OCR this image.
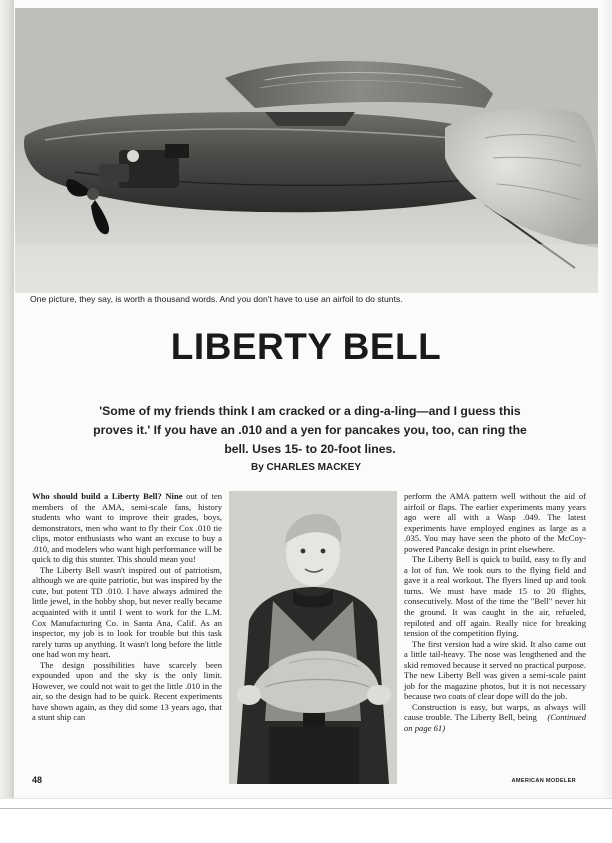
One picture, they say, is worth a thousand words. And you don't have to use an airfoil to do stunts.
LIBERTY BELL
'Some of my friends think I am cracked or a ding-a-ling—and I guess this proves it.' If you have an .010 and a yen for pancakes you, too, can ring the bell. Uses 15- to 20-foot lines.
By CHARLES MACKEY

Who should build a Liberty Bell? Nine out of ten members of the AMA, semi-scale fans, history students who want to improve their grades, boys, demonstrators, men who want to fly their Cox .010 tie clips, motor enthusiasts who want an excuse to buy a .010, and modelers who want high performance will be quick to dig this stunter. This should mean you!

The Liberty Bell wasn't inspired out of patriotism, although we are quite patriotic, but was inspired by the cute, but potent TD .010. I have always admired the little jewel, in the hobby shop, but never really became acquainted with it until I went to work for the L.M. Cox Manufacturing Co. in Santa Ana, Calif. As an inspector, my job is to look for trouble but this task rarely turns up anything. It wasn't long before the little one had won my heart.

The design possibilities have scarcely been expounded upon and the sky is the only limit. However, we could not wait to get the little .010 in the air, so the design had to be quick. Recent experiments have shown again, as they did some 13 years ago, that a stunt ship can

perform the AMA pattern well without the aid of airfoil or flaps. The earlier experiments many years ago were all with a Wasp .049. The latest experiments have employed engines as large as a .035. You may have seen the photo of the McCoy-powered Pancake design in print elsewhere.

The Liberty Bell is quick to build, easy to fly and a lot of fun. We took ours to the flying field and gave it a real workout. The flyers lined up and took turns. We must have made 15 to 20 flights, consecutively. Most of the time the "Bell" never hit the ground. It was caught in the air, refueled, repiloted and off again. Really nice for breaking tension of the competition flying.

The first version had a wire skid. It also came out a little tail-heavy. The nose was lengthened and the skid removed because it served no practical purpose. The new Liberty Bell was given a semi-scale paint job for the magazine photos, but it is not necessary because two coats of clear dope will do the job.

Construction is easy, but warps, as always will cause trouble. The Liberty Bell, being (Continued on page 61)

48	AMERICAN MODELER
